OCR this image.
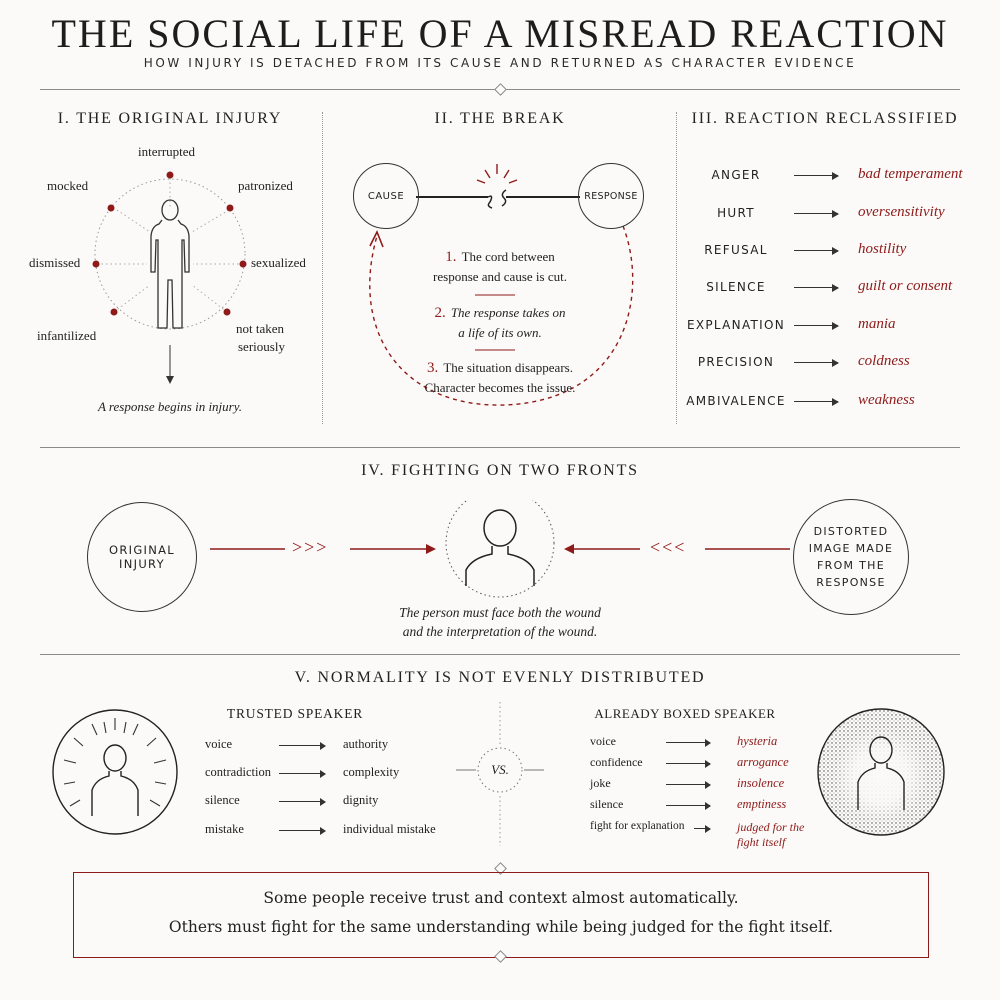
THE SOCIAL LIFE OF A MISREAD REACTION
HOW INJURY IS DETACHED FROM ITS CAUSE AND RETURNED AS CHARACTER EVIDENCE
I. THE ORIGINAL INJURY
interrupted
mocked	patronized
dismissed	sexualized
infantilized	not taken
seriously
A response begins in injury.
II. THE BREAK
CAUSE	RESPONSE
1. The cord between
response and cause is cut.
2. The response takes on
a life of its own.
3. The situation disappears.
Character becomes the issue.
III. REACTION RECLASSIFIED
ANGER	bad temperament
HURT	oversensitivity
REFUSAL	hostility
SILENCE	guilt or consent
EXPLANATION	mania
PRECISION	coldness
AMBIVALENCE	weakness
IV. FIGHTING ON TWO FRONTS
ORIGINAL
INJURY
DISTORTED
IMAGE MADE
FROM THE
RESPONSE
>>>	<<<
The person must face both the wound
and the interpretation of the wound.
V. NORMALITY IS NOT EVENLY DISTRIBUTED
TRUSTED SPEAKER
voice	authority
contradiction	complexity
silence	dignity
mistake	individual mistake
VS.
ALREADY BOXED SPEAKER
voice	hysteria
confidence	arrogance
joke	insolence
silence	emptiness
fight for explanation	judged for the
fight itself
Some people receive trust and context almost automatically.
Others must fight for the same understanding while being judged for the fight itself.
